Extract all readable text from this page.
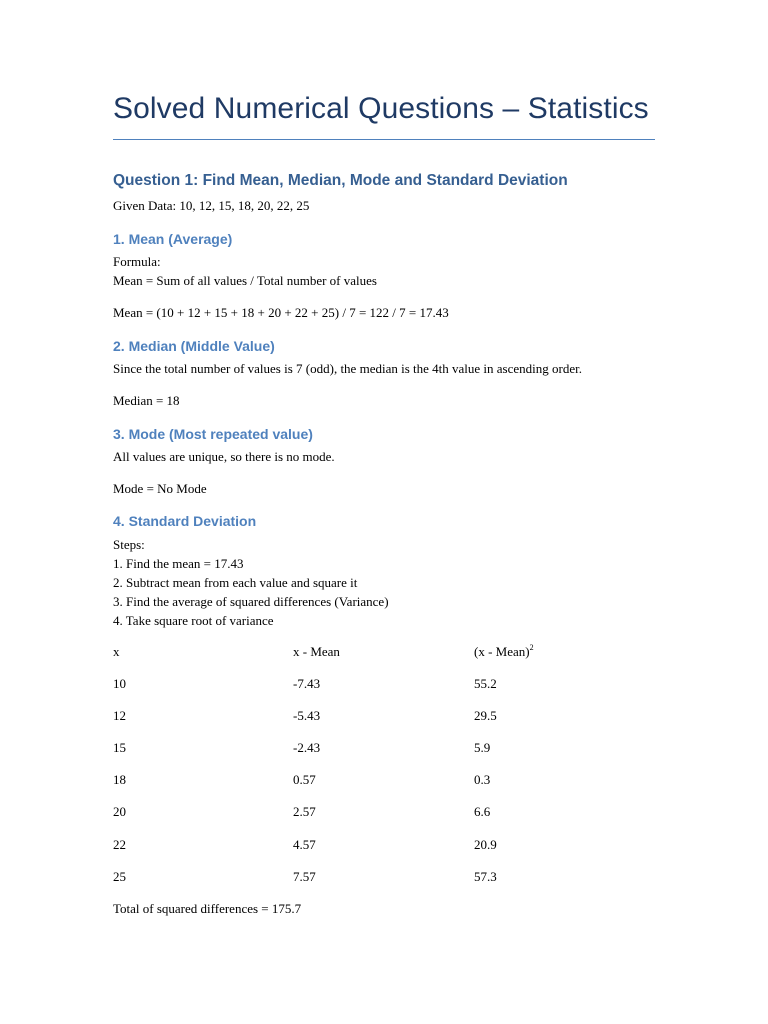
Solved Numerical Questions – Statistics
Question 1: Find Mean, Median, Mode and Standard Deviation
Given Data: 10, 12, 15, 18, 20, 22, 25
1. Mean (Average)
Formula:
Mean = Sum of all values / Total number of values
Mean = (10 + 12 + 15 + 18 + 20 + 22 + 25) / 7 = 122 / 7 = 17.43
2. Median (Middle Value)
Since the total number of values is 7 (odd), the median is the 4th value in ascending order.
Median = 18
3. Mode (Most repeated value)
All values are unique, so there is no mode.
Mode = No Mode
4. Standard Deviation
Steps:
1. Find the mean = 17.43
2. Subtract mean from each value and square it
3. Find the average of squared differences (Variance)
4. Take square root of variance
x	x - Mean	(x - Mean)$^2$
10	-7.43	55.2
12	-5.43	29.5
15	-2.43	5.9
18	0.57	0.3
20	2.57	6.6
22	4.57	20.9
25	7.57	57.3
Total of squared differences = 175.7
